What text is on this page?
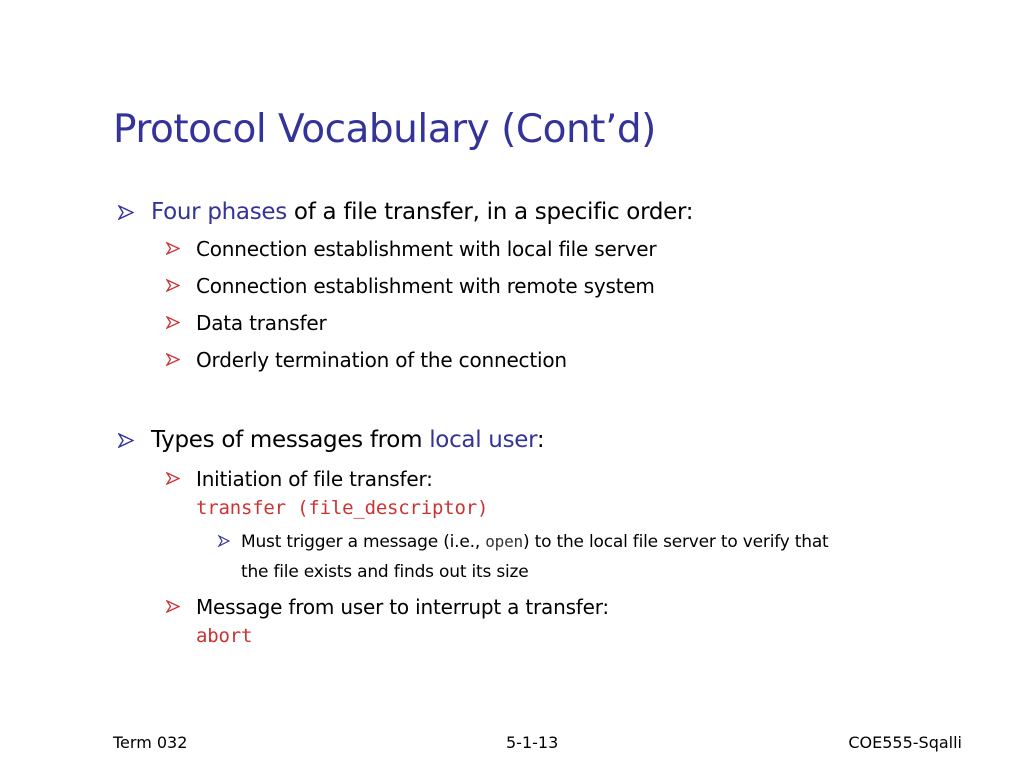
Protocol Vocabulary (Cont’d)
Four phases of a file transfer, in a specific order:
Connection establishment with local file server
Connection establishment with remote system
Data transfer
Orderly termination of the connection
Types of messages from local user:
Initiation of file transfer:
transfer (file_descriptor)
Must trigger a message (i.e., open) to the local file server to verify that
the file exists and finds out its size
Message from user to interrupt a transfer:
abort
Term 032	5-1-13	COE555-Sqalli
